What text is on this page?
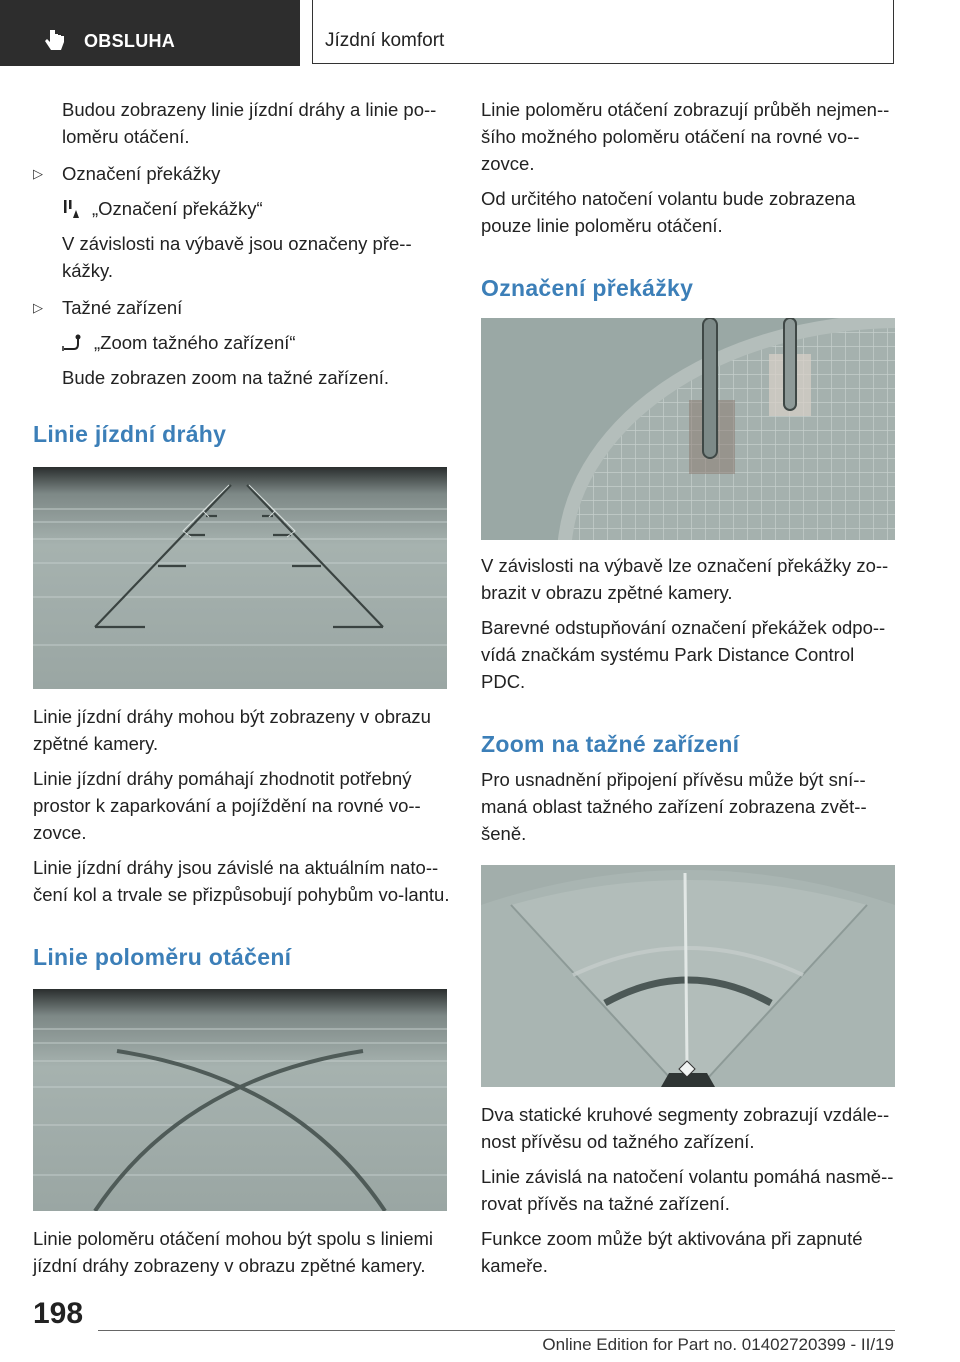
OBSLUHA	Jízdní komfort

Budou zobrazeny linie jízdní dráhy a linie po-loměru otáčení.

▷	Označení překážky

„Označení překážky“

V závislosti na výbavě jsou označeny pře-kážky.

▷	Tažné zařízení

„Zoom tažného zařízení“

Bude zobrazen zoom na tažné zařízení.

Linie jízdní dráhy

Linie jízdní dráhy mohou být zobrazeny v obrazu zpětné kamery.

Linie jízdní dráhy pomáhají zhodnotit potřebný prostor k zaparkování a pojíždění na rovné vo-zovce.

Linie jízdní dráhy jsou závislé na aktuálním nato-čení kol a trvale se přizpůsobují pohybům vo-lantu.

Linie poloměru otáčení

Linie poloměru otáčení mohou být spolu s liniemi jízdní dráhy zobrazeny v obrazu zpětné kamery.

Linie poloměru otáčení zobrazují průběh nejmen-šího možného poloměru otáčení na rovné vo-zovce.

Od určitého natočení volantu bude zobrazena pouze linie poloměru otáčení.

Označení překážky

V závislosti na výbavě lze označení překážky zo-brazit v obrazu zpětné kamery.

Barevné odstupňování označení překážek odpo-vídá značkám systému Park Distance Control PDC.

Zoom na tažné zařízení

Pro usnadnění připojení přívěsu může být sní-maná oblast tažného zařízení zobrazena zvět-šeně.

Dva statické kruhové segmenty zobrazují vzdále-nost přívěsu od tažného zařízení.

Linie závislá na natočení volantu pomáhá nasmě-rovat přívěs na tažné zařízení.

Funkce zoom může být aktivována při zapnuté kameře.

198
Online Edition for Part no. 01402720399 - II/19
